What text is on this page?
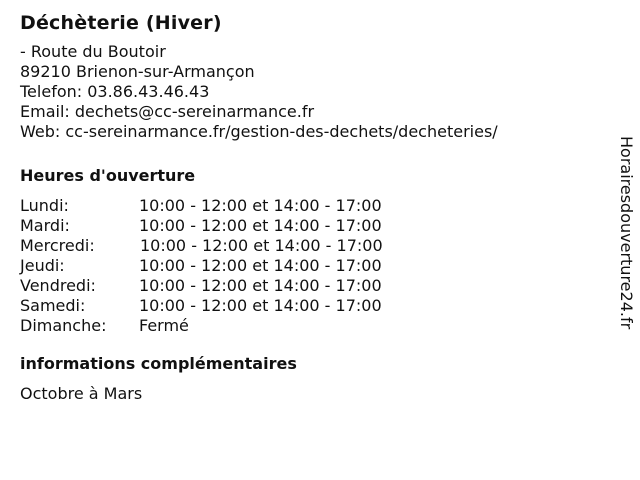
Déchèterie (Hiver)
- Route du Boutoir
89210 Brienon-sur-Armançon
Telefon: 03.86.43.46.43
Email: dechets@cc-sereinarmance.fr
Web: cc-sereinarmance.fr/gestion-des-dechets/decheteries/
Heures d'ouverture
Lundi:	10:00 - 12:00 et 14:00 - 17:00
Mardi:	10:00 - 12:00 et 14:00 - 17:00
Mercredi:	10:00 - 12:00 et 14:00 - 17:00
Jeudi:	10:00 - 12:00 et 14:00 - 17:00
Vendredi:	10:00 - 12:00 et 14:00 - 17:00
Samedi:	10:00 - 12:00 et 14:00 - 17:00
Dimanche: Fermé
informations complémentaires
Octobre à Mars
Horairesdouverture24.fr
